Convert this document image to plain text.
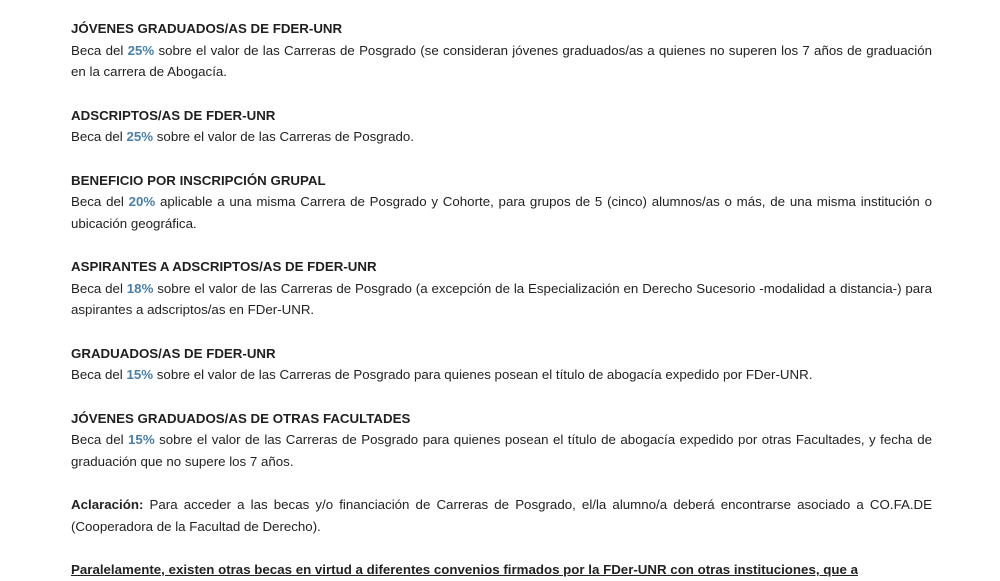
JÓVENES GRADUADOS/AS DE FDER-UNR

Beca del 25% sobre el valor de las Carreras de Posgrado (se consideran jóvenes graduados/as a quienes no superen los 7 años de graduación en la carrera de Abogacía.

ADSCRIPTOS/AS DE FDER-UNR

Beca del 25% sobre el valor de las Carreras de Posgrado.

BENEFICIO POR INSCRIPCIÓN GRUPAL

Beca del 20% aplicable a una misma Carrera de Posgrado y Cohorte, para grupos de 5 (cinco) alumnos/as o más, de una misma institución o ubicación geográfica.

ASPIRANTES A ADSCRIPTOS/AS DE FDER-UNR

Beca del 18% sobre el valor de las Carreras de Posgrado (a excepción de la Especialización en Derecho Sucesorio -modalidad a distancia-) para aspirantes a adscriptos/as en FDer-UNR.

GRADUADOS/AS DE FDER-UNR

Beca del 15% sobre el valor de las Carreras de Posgrado para quienes posean el título de abogacía expedido por FDer-UNR.

JÓVENES GRADUADOS/AS DE OTRAS FACULTADES

Beca del 15% sobre el valor de las Carreras de Posgrado para quienes posean el título de abogacía expedido por otras Facultades, y fecha de graduación que no supere los 7 años.

Aclaración: Para acceder a las becas y/o financiación de Carreras de Posgrado, el/la alumno/a deberá encontrarse asociado a CO.FA.DE (Cooperadora de la Facultad de Derecho).

Paralelamente, existen otras becas en virtud a diferentes convenios firmados por la FDer-UNR con otras instituciones, que a
